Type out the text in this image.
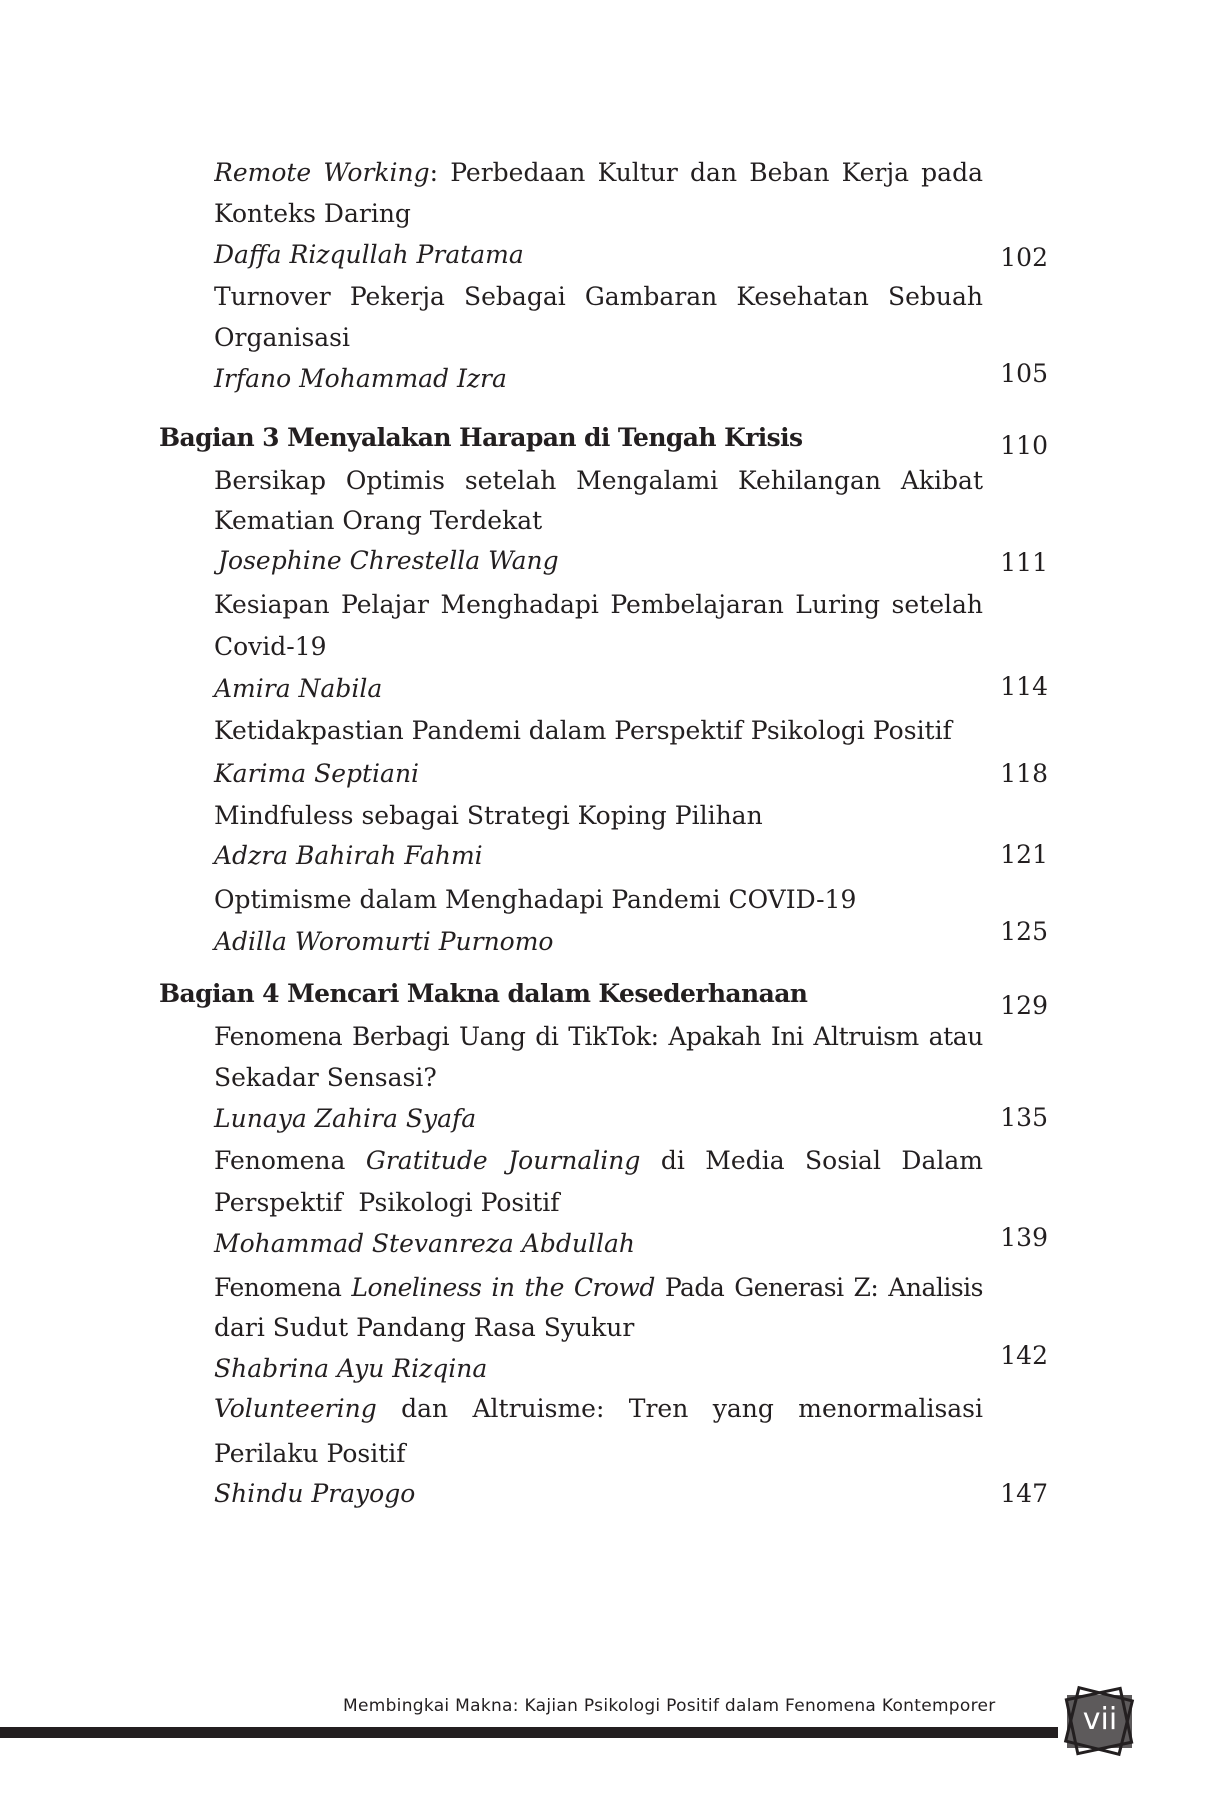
Remote Working: Perbedaan Kultur dan Beban Kerja pada
Konteks Daring
Daffa Rizqullah Pratama	102
Turnover Pekerja Sebagai Gambaran Kesehatan Sebuah
Organisasi
Irfano Mohammad Izra	105
Bagian 3 Menyalakan Harapan di Tengah Krisis	110
Bersikap Optimis setelah Mengalami Kehilangan Akibat
Kematian Orang Terdekat
Josephine Chrestella Wang	111
Kesiapan Pelajar Menghadapi Pembelajaran Luring setelah
Covid-19
Amira Nabila	114
Ketidakpastian Pandemi dalam Perspektif Psikologi Positif
Karima Septiani	118
Mindfuless sebagai Strategi Koping Pilihan
Adzra Bahirah Fahmi	121
Optimisme dalam Menghadapi Pandemi COVID-19
Adilla Woromurti Purnomo	125
Bagian 4 Mencari Makna dalam Kesederhanaan	129
Fenomena Berbagi Uang di TikTok: Apakah Ini Altruism atau
Sekadar Sensasi?
Lunaya Zahira Syafa	135
Fenomena Gratitude Journaling di Media Sosial Dalam
Perspektif  Psikologi Positif
Mohammad Stevanreza Abdullah	139
Fenomena Loneliness in the Crowd Pada Generasi Z: Analisis
dari Sudut Pandang Rasa Syukur
Shabrina Ayu Rizqina	142
Volunteering dan Altruisme: Tren yang menormalisasi
Perilaku Positif
Shindu Prayogo	147
Membingkai Makna: Kajian Psikologi Positif dalam Fenomena Kontemporer	vii
